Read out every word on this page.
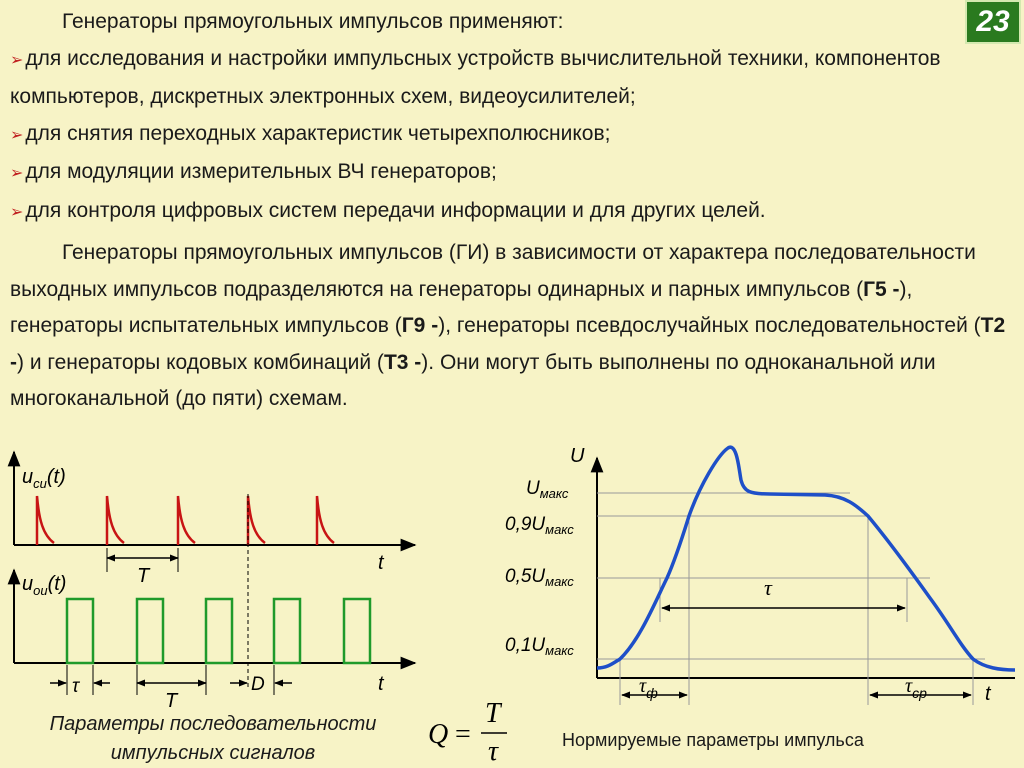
23

Генераторы прямоугольных импульсов применяют:

➢ для исследования и настройки импульсных устройств вычислительной техники, компонентов компьютеров, дискретных электронных схем, видеоусилителей;

➢ для снятия переходных характеристик четырехполюсников;

➢ для модуляции измерительных ВЧ генераторов;

➢ для контроля цифровых систем передачи информации и для других целей.

Генераторы прямоугольных импульсов (ГИ) в зависимости от характера последовательности выходных импульсов подразделяются на генераторы одинарных и парных импульсов (Г5 -), генераторы испытательных импульсов (Г9 -), генераторы псевдослучайных последовательностей (Т2 -) и генераторы кодовых комбинаций (Т3 -). Они могут быть выполнены по одноканальной или многоканальной (до пяти) схемам.

$u_{си}(t)$
T
t
$u_{ои}(t)$
τ
T
D	t
Q =
T
τ
U
t
$U_{макс}$
$0,9U_{макс}$
$0,5U_{макс}$
$0,1U_{макс}$
τ
$\tau_ф$	$\tau_{ср}$
Параметры последовательности импульсных сигналов
Нормируемые параметры импульса
